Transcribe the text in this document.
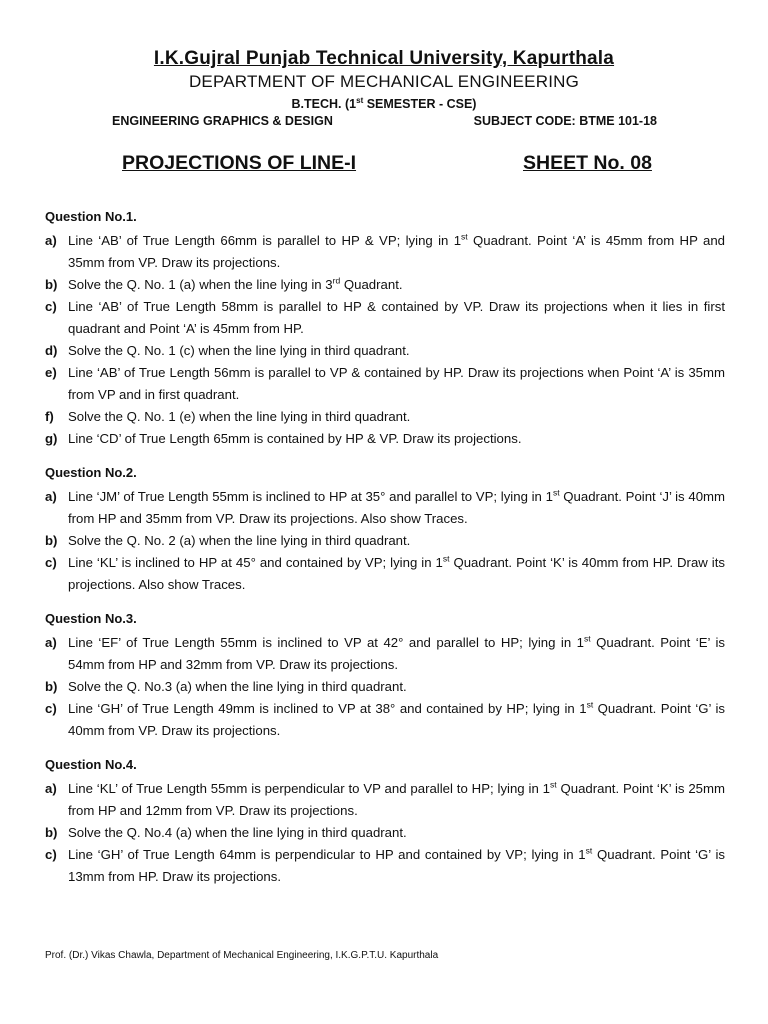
I.K.Gujral Punjab Technical University, Kapurthala
DEPARTMENT OF MECHANICAL ENGINEERING
B.TECH. (1st SEMESTER - CSE)
ENGINEERING GRAPHICS & DESIGN	SUBJECT CODE: BTME 101-18
PROJECTIONS OF LINE-I	SHEET No. 08
Question No.1.
a) Line ‘AB’ of True Length 66mm is parallel to HP & VP; lying in 1st Quadrant. Point ‘A’ is 45mm from HP and 35mm from VP. Draw its projections.
b) Solve the Q. No. 1 (a) when the line lying in 3rd Quadrant.
c) Line ‘AB’ of True Length 58mm is parallel to HP & contained by VP. Draw its projections when it lies in first quadrant and Point ‘A’ is 45mm from HP.
d) Solve the Q. No. 1 (c) when the line lying in third quadrant.
e) Line ‘AB’ of True Length 56mm is parallel to VP & contained by HP. Draw its projections when Point ‘A’ is 35mm from VP and in first quadrant.
f) Solve the Q. No. 1 (e) when the line lying in third quadrant.
g) Line ‘CD’ of True Length 65mm is contained by HP & VP. Draw its projections.
Question No.2.
a) Line ‘JM’ of True Length 55mm is inclined to HP at 35° and parallel to VP; lying in 1st Quadrant. Point ‘J’ is 40mm from HP and 35mm from VP. Draw its projections. Also show Traces.
b) Solve the Q. No. 2 (a) when the line lying in third quadrant.
c) Line ‘KL’ is inclined to HP at 45° and contained by VP; lying in 1st Quadrant. Point ‘K’ is 40mm from HP. Draw its projections. Also show Traces.
Question No.3.
a) Line ‘EF’ of True Length 55mm is inclined to VP at 42° and parallel to HP; lying in 1st Quadrant. Point ‘E’ is 54mm from HP and 32mm from VP. Draw its projections.
b) Solve the Q. No.3 (a) when the line lying in third quadrant.
c) Line ‘GH’ of True Length 49mm is inclined to VP at 38° and contained by HP; lying in 1st Quadrant. Point ‘G’ is 40mm from VP. Draw its projections.
Question No.4.
a) Line ‘KL’ of True Length 55mm is perpendicular to VP and parallel to HP; lying in 1st Quadrant. Point ‘K’ is 25mm from HP and 12mm from VP. Draw its projections.
b) Solve the Q. No.4 (a) when the line lying in third quadrant.
c) Line ‘GH’ of True Length 64mm is perpendicular to HP and contained by VP; lying in 1st Quadrant. Point ‘G’ is 13mm from HP. Draw its projections.
Prof. (Dr.) Vikas Chawla, Department of Mechanical Engineering, I.K.G.P.T.U. Kapurthala
